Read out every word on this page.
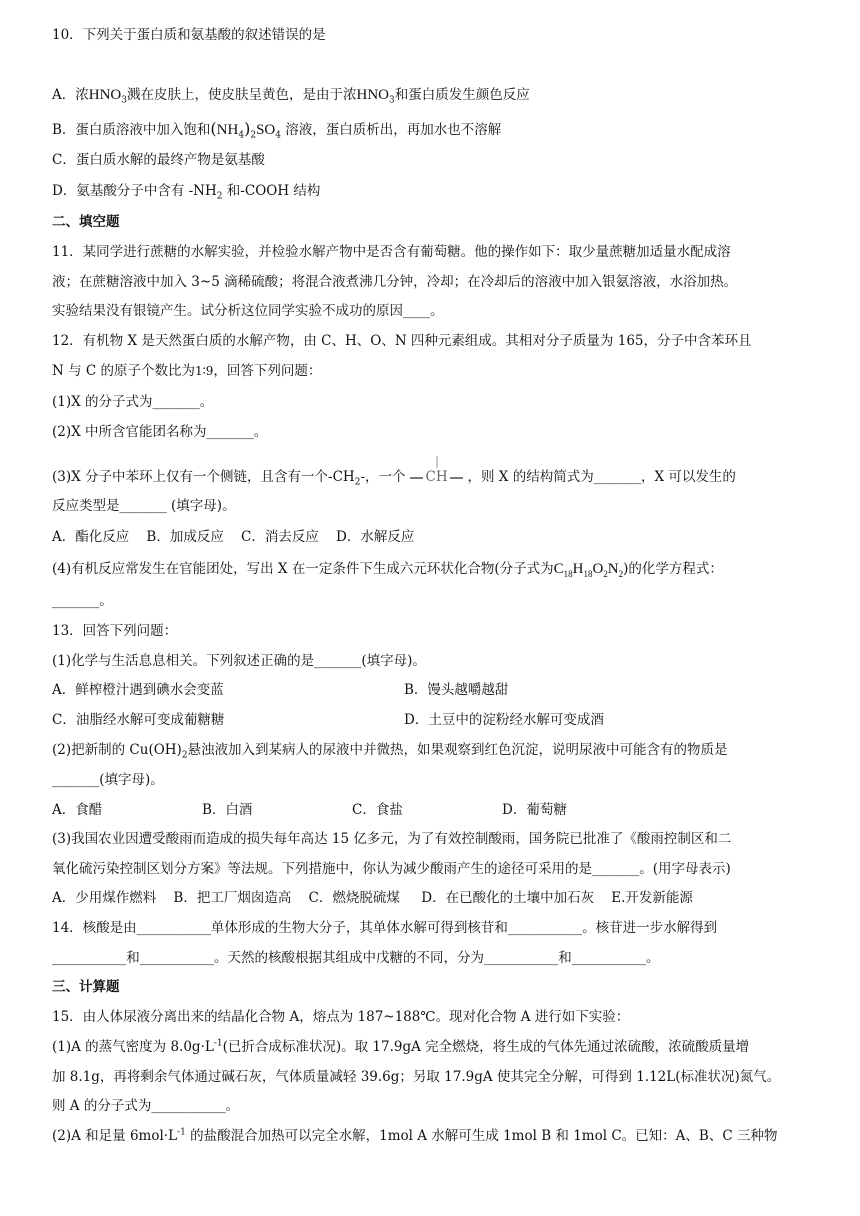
10．下列关于蛋白质和氨基酸的叙述错误的是
A．浓$HNO_3$溅在皮肤上，使皮肤呈黄色，是由于浓$HNO_3$和蛋白质发生颜色反应
B．蛋白质溶液中加入饱和$(NH_4)_2SO_4$ 溶液，蛋白质析出，再加水也不溶解
C．蛋白质水解的最终产物是氨基酸
D．氨基酸分子中含有 $-NH_2$ 和-COOH 结构
二、填空题
11．某同学进行蔗糖的水解实验，并检验水解产物中是否含有葡萄糖。他的操作如下：取少量蔗糖加适量水配成溶
液；在蔗糖溶液中加入 3~5 滴稀硫酸；将混合液煮沸几分钟，冷却；在冷却后的溶液中加入银氨溶液，水浴加热。
实验结果没有银镜产生。试分析这位同学实验不成功的原因____。
12．有机物 X 是天然蛋白质的水解产物，由 C、H、O、N 四种元素组成。其相对分子质量为 165，分子中含苯环且
N 与 C 的原子个数比为1∶9，回答下列问题：
(1)X 的分子式为_______。
(2)X 中所含官能团名称为_______。
(3)X 分子中苯环上仅有一个侧链，且含有一个$-CH_2-$，一个 CH ，则 X 的结构简式为_______，X 可以发生的
反应类型是_______ (填字母)。
A．酯化反应    B．加成反应    C．消去反应    D．水解反应
(4)有机反应常发生在官能团处，写出 X 在一定条件下生成六元环状化合物(分子式为$C_{18}H_{18}O_2N_2$)的化学方程式：
_______。
13．回答下列问题：
(1)化学与生活息息相关。下列叙述正确的是_______(填字母)。
A．鲜榨橙汁遇到碘水会变蓝	B．馒头越嚼越甜
C．油脂经水解可变成葡糖糖	D．土豆中的淀粉经水解可变成酒
(2)把新制的 $Cu(OH)_2$悬浊液加入到某病人的尿液中并微热，如果观察到红色沉淀，说明尿液中可能含有的物质是
_______(填字母)。
A．食醋	B．白酒	C．食盐	D．葡萄糖
(3)我国农业因遭受酸雨而造成的损失每年高达 15 亿多元，为了有效控制酸雨，国务院已批准了《酸雨控制区和二
氧化硫污染控制区划分方案》等法规。下列措施中，你认为减少酸雨产生的途径可采用的是_______。(用字母表示)
A．少用煤作燃料    B．把工厂烟囱造高    C．燃烧脱硫煤     D．在已酸化的土壤中加石灰    E.开发新能源
14．核酸是由___________单体形成的生物大分子，其单体水解可得到核苷和___________。核苷进一步水解得到
___________和___________。天然的核酸根据其组成中戊糖的不同，分为___________和___________。
三、计算题
15．由人体尿液分离出来的结晶化合物 A，熔点为 187~188℃。现对化合物 A 进行如下实验：
(1)A 的蒸气密度为 $8.0g\cdot L^{-1}$(已折合成标准状况)。取 17.9gA 完全燃烧，将生成的气体先通过浓硫酸，浓硫酸质量增
加 8.1g，再将剩余气体通过碱石灰，气体质量减轻 39.6g；另取 17.9gA 使其完全分解，可得到 1.12L(标准状况)氮气。
则 A 的分子式为___________。
(2)A 和足量 $6mol\cdot L^{-1}$ 的盐酸混合加热可以完全水解，1mol A 水解可生成 1mol B 和 1mol C。已知：A、B、C 三种物
